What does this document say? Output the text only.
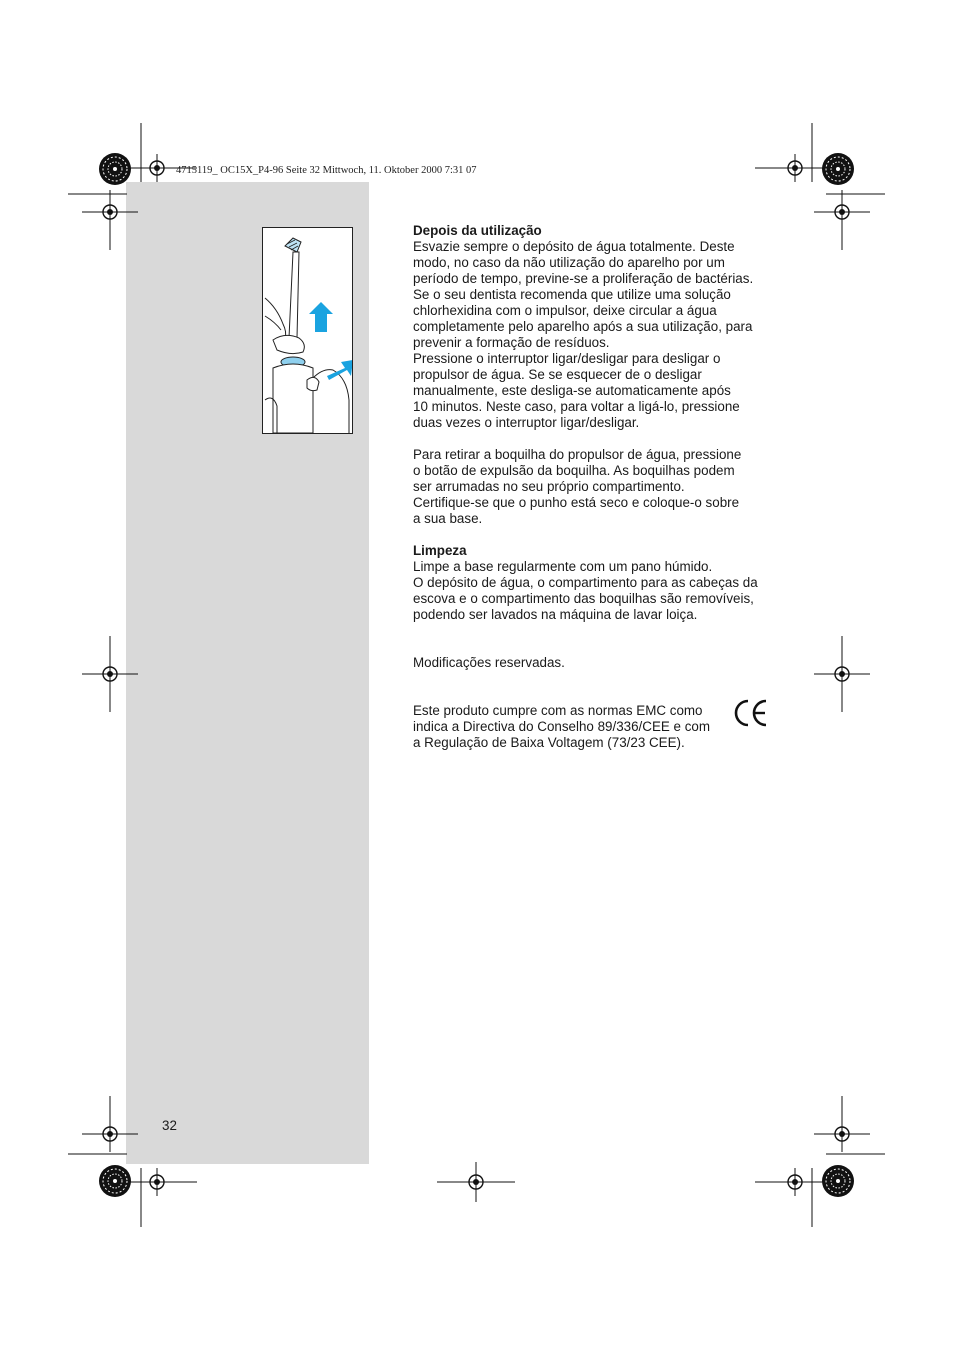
4715119_ OC15X_P4-96 Seite 32 Mittwoch, 11. Oktober 2000 7:31 07

Depois da utilização

Esvazie sempre o depósito de água totalmente. Deste

modo, no caso da não utilização do aparelho por um

período de tempo, previne-se a proliferação de bactérias.

Se o seu dentista recomenda que utilize uma solução

chlorhexidina com o impulsor, deixe circular a água

completamente pelo aparelho após a sua utilização, para

prevenir a formação de resíduos.

Pressione o interruptor ligar/desligar para desligar o

propulsor de água. Se se esquecer de o desligar

manualmente, este desliga-se automaticamente após

10 minutos. Neste caso, para voltar a ligá-lo, pressione

duas vezes o interruptor ligar/desligar.

Para retirar a boquilha do propulsor de água, pressione

o botão de expulsão da boquilha. As boquilhas podem

ser arrumadas no seu próprio compartimento.

Certifique-se que o punho está seco e coloque-o sobre

a sua base.

Limpeza

Limpe a base regularmente com um pano húmido.

O depósito de água, o compartimento para as cabeças da

escova e o compartimento das boquilhas são removíveis,

podendo ser lavados na máquina de lavar loiça.

Modificações reservadas.

Este produto cumpre com as normas EMC como

indica a Directiva do Conselho 89/336/CEE e com

a Regulação de Baixa Voltagem (73/23 CEE).

32
